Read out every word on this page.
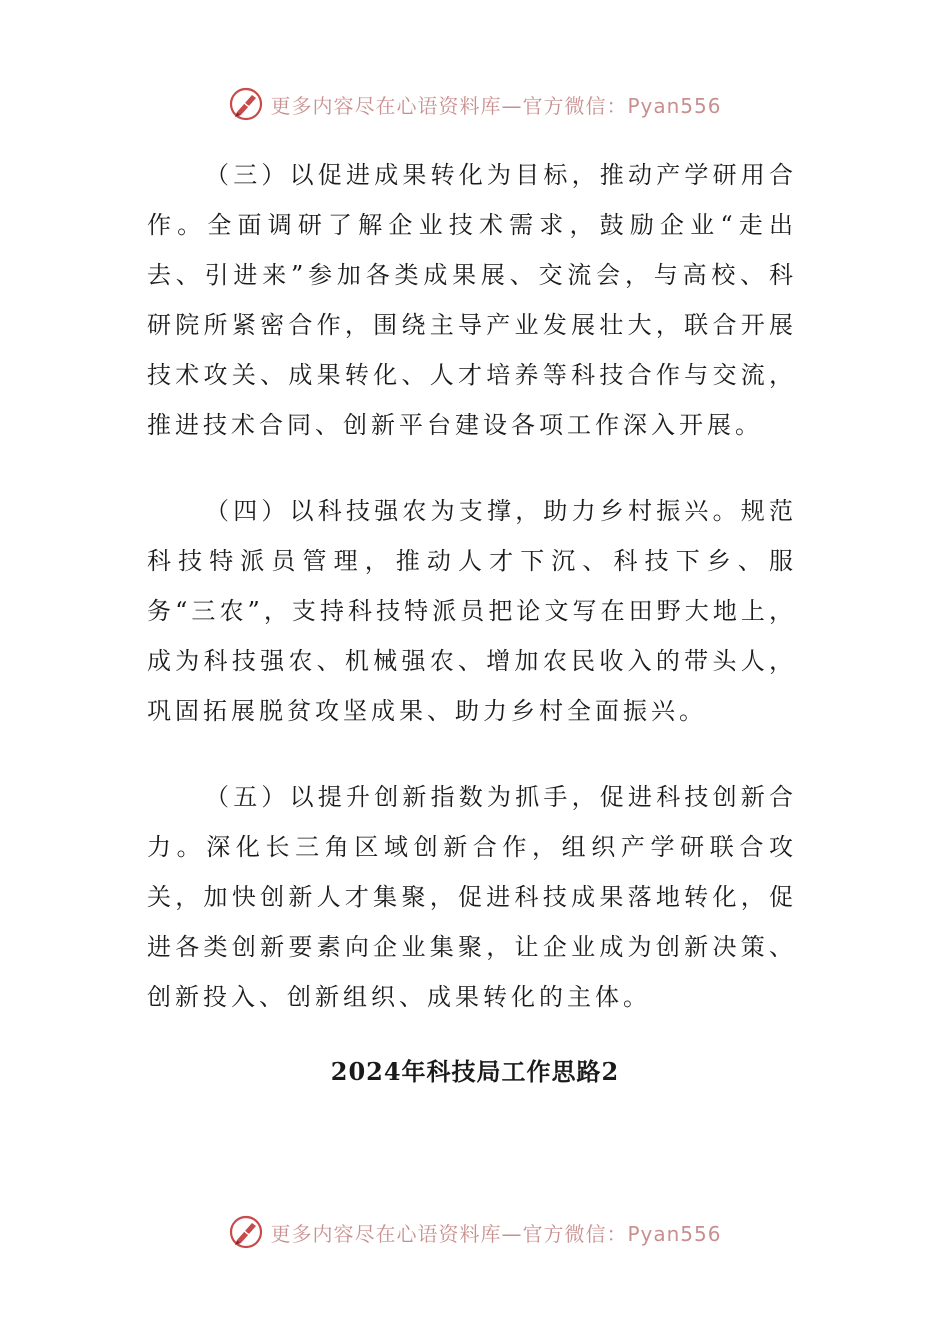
更多内容尽在心语资料库—官方微信：Pyan556

（三）以促进成果转化为目标，推动产学研用合作。全面调研了解企业技术需求，鼓励企业“走出去、引进来”参加各类成果展、交流会，与高校、科研院所紧密合作，围绕主导产业发展壮大，联合开展技术攻关、成果转化、人才培养等科技合作与交流，推进技术合同、创新平台建设各项工作深入开展。

（四）以科技强农为支撑，助力乡村振兴。规范科技特派员管理，推动人才下沉、科技下乡、服务“三农”，支持科技特派员把论文写在田野大地上，成为科技强农、机械强农、增加农民收入的带头人，巩固拓展脱贫攻坚成果、助力乡村全面振兴。

（五）以提升创新指数为抓手，促进科技创新合力。深化长三角区域创新合作，组织产学研联合攻关，加快创新人才集聚，促进科技成果落地转化，促进各类创新要素向企业集聚，让企业成为创新决策、创新投入、创新组织、成果转化的主体。

2024年科技局工作思路2
更多内容尽在心语资料库—官方微信：Pyan556
